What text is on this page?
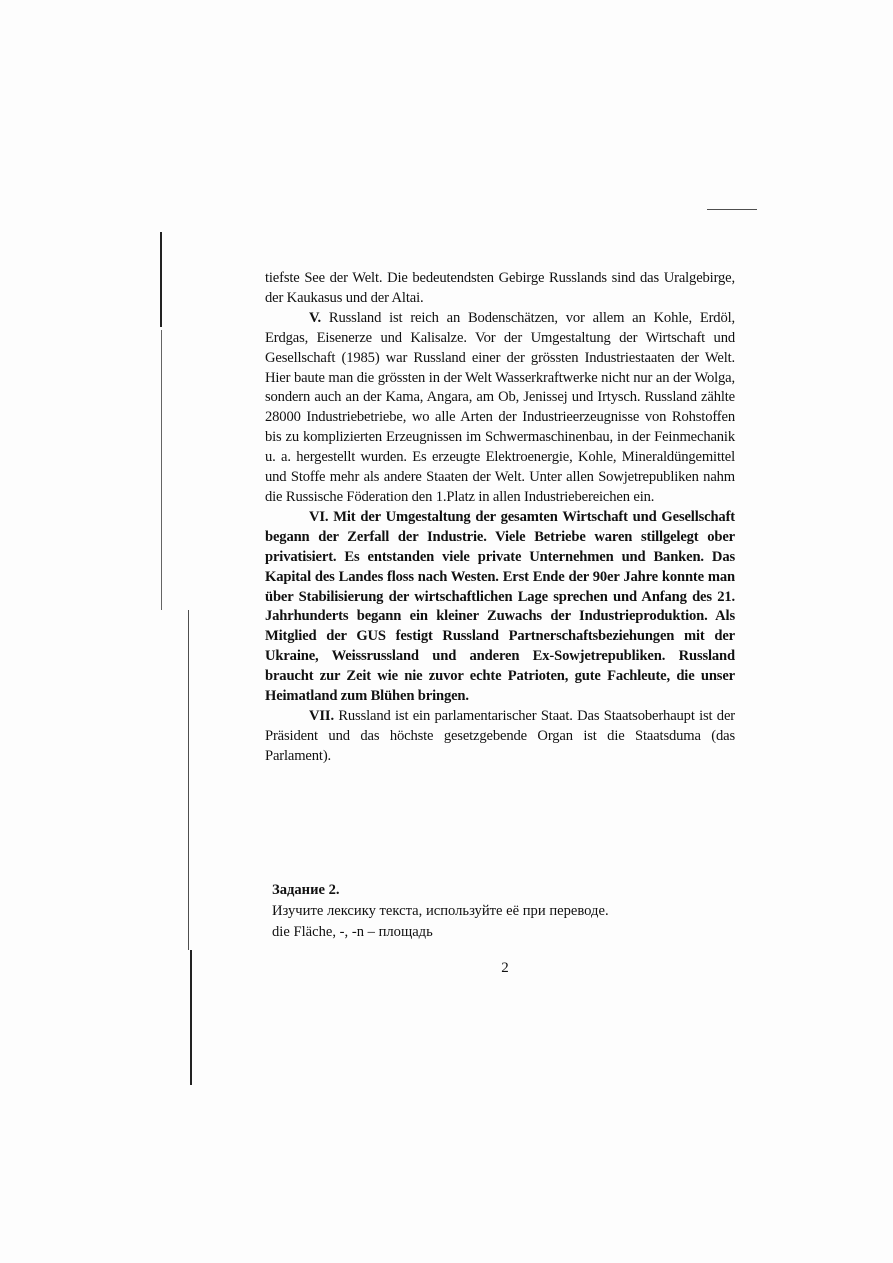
tiefste See der Welt. Die bedeutendsten Gebirge Russlands sind das Uralgebirge, der Kaukasus und der Altai.

V. Russland ist reich an Bodenschätzen, vor allem an Kohle, Erdöl, Erdgas, Eisenerze und Kalisalze. Vor der Umgestaltung der Wirtschaft und Gesellschaft (1985) war Russland einer der grössten Industriestaaten der Welt. Hier baute man die grössten in der Welt Wasserkraftwerke nicht nur an der Wolga, sondern auch an der Kama, Angara, am Ob, Jenissej und Irtysch. Russland zählte 28000 Industriebetriebe, wo alle Arten der Industrieerzeugnisse von Rohstoffen bis zu komplizierten Erzeugnissen im Schwermaschinenbau, in der Feinmechanik u. a. hergestellt wurden. Es erzeugte Elektroenergie, Kohle, Mineraldüngemittel und Stoffe mehr als andere Staaten der Welt. Unter allen Sowjetrepubliken nahm die Russische Föderation den 1.Platz in allen Industriebereichen ein.

VI. Mit der Umgestaltung der gesamten Wirtschaft und Gesellschaft begann der Zerfall der Industrie. Viele Betriebe waren stillgelegt ober privatisiert. Es entstanden viele private Unternehmen und Banken. Das Kapital des Landes floss nach Westen. Erst Ende der 90er Jahre konnte man über Stabilisierung der wirtschaftlichen Lage sprechen und Anfang des 21. Jahrhunderts begann ein kleiner Zuwachs der Industrieproduktion. Als Mitglied der GUS festigt Russland Partnerschaftsbeziehungen mit der Ukraine, Weissrussland und anderen Ex-Sowjetrepubliken. Russland braucht zur Zeit wie nie zuvor echte Patrioten, gute Fachleute, die unser Heimatland zum Blühen bringen.

VII. Russland ist ein parlamentarischer Staat. Das Staatsoberhaupt ist der Präsident und das höchste gesetzgebende Organ ist die Staatsduma (das Parlament).

Задание 2.

Изучите лексику текста, используйте её при переводе.

die Fläche, -, -n – площадь

2
